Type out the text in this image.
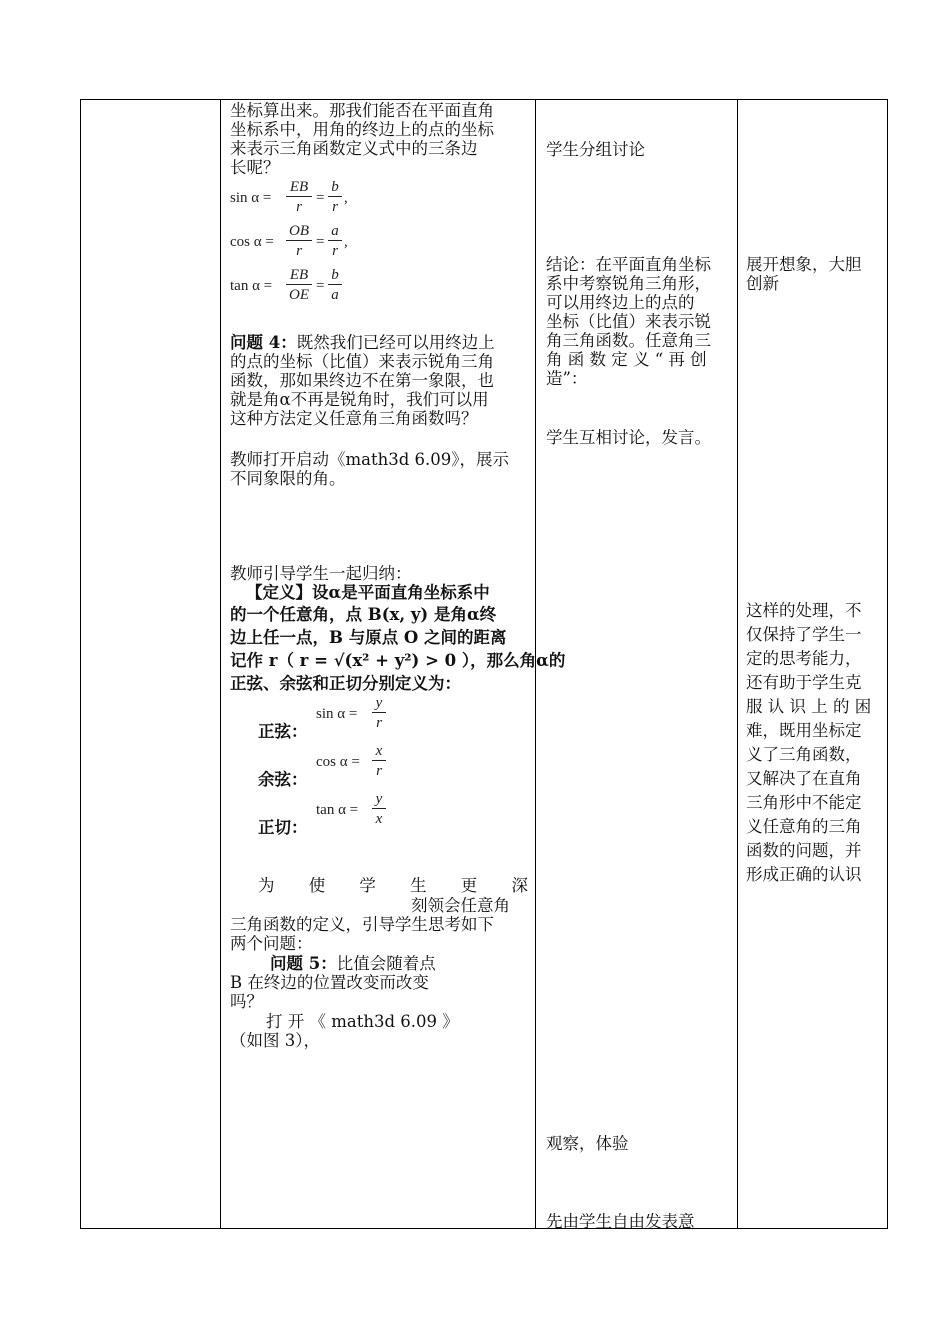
坐标算出来。那我们能否在平面直角
坐标系中，用角的终边上的点的坐标
来表示三角函数定义式中的三条边
长呢？
$\sin \alpha = \frac{EB}{r} = \frac{b}{r}$ ,
$\cos \alpha = \frac{OB}{r} = \frac{a}{r}$ ,
$\tan \alpha = \frac{EB}{OE} = \frac{b}{a}$
问题 4：既然我们已经可以用终边上
的点的坐标（比值）来表示锐角三角
函数，那如果终边不在第一象限，也
就是角α不再是锐角时，我们可以用
这种方法定义任意角三角函数吗？
教师打开启动《math3d 6.09》，展示
不同象限的角。
教师引导学生一起归纳：
【定义】设α是平面直角坐标系中
的一个任意角，点 B(x, y) 是角α终
边上任一点，B 与原点 O 之间的距离
记作 r（ r = √(x² + y²) > 0 ），那么角α的
正弦、余弦和正切分别定义为：
正弦：
$\sin \alpha = \frac{y}{r}$
余弦：
$\cos \alpha = \frac{x}{r}$
正切：
$\tan \alpha = \frac{y}{x}$
为 使 学 生 更 深
刻领会任意角
三角函数的定义，引导学生思考如下
两个问题：
问题 5：比值会随着点
B 在终边的位置改变而改变
吗？
打 开 《 math3d 6.09 》
（如图 3），
学生分组讨论
结论：在平面直角坐标
系中考察锐角三角形，
可以用终边上的点的
坐标（比值）来表示锐
角三角函数。任意角三
角 函 数 定 义 “ 再 创
造”：
学生互相讨论，发言。
观察，体验
先由学生自由发表意
展开想象，大胆
创新
这样的处理，不
仅保持了学生一
定的思考能力，
还有助于学生克
服 认 识 上 的 困
难，既用坐标定
义了三角函数，
又解决了在直角
三角形中不能定
义任意角的三角
函数的问题，并
形成正确的认识
